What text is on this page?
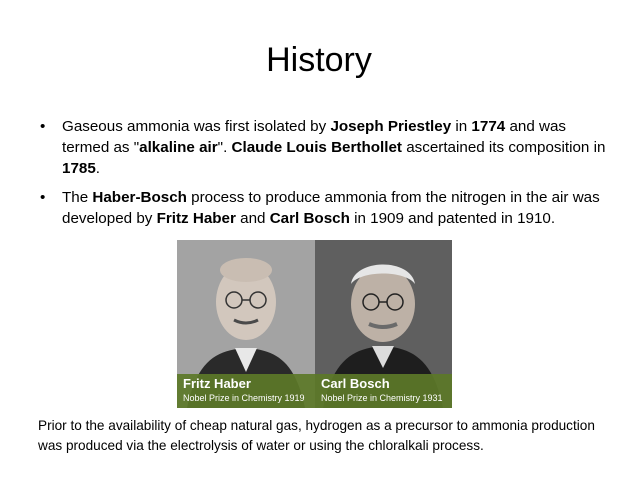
History
• Gaseous ammonia was first isolated by Joseph Priestley in 1774 and was termed as "alkaline air". Claude Louis Berthollet ascertained its composition in 1785.
• The Haber-Bosch process to produce ammonia from the nitrogen in the air was developed by Fritz Haber and Carl Bosch in 1909 and patented in 1910.
Fritz Haber
Nobel Prize in Chemistry 1919
Carl Bosch
Nobel Prize in Chemistry 1931
Prior to the availability of cheap natural gas, hydrogen as a precursor to ammonia production was produced via the electrolysis of water or using the chloralkali process.
